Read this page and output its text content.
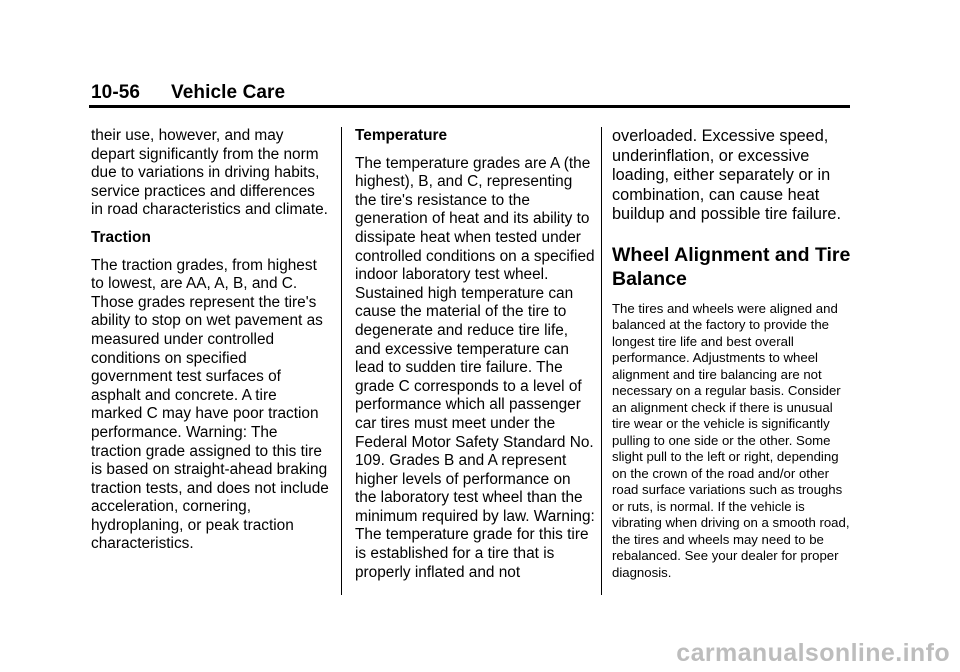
10-56 Vehicle Care

their use, however, and may depart significantly from the norm due to variations in driving habits, service practices and differences in road characteristics and climate.

Traction

The traction grades, from highest to lowest, are AA, A, B, and C. Those grades represent the tire's ability to stop on wet pavement as measured under controlled conditions on specified government test surfaces of asphalt and concrete. A tire marked C may have poor traction performance. Warning: The traction grade assigned to this tire is based on straight-ahead braking traction tests, and does not include acceleration, cornering, hydroplaning, or peak traction characteristics.

Temperature

The temperature grades are A (the highest), B, and C, representing the tire's resistance to the generation of heat and its ability to dissipate heat when tested under controlled conditions on a specified indoor laboratory test wheel. Sustained high temperature can cause the material of the tire to degenerate and reduce tire life, and excessive temperature can lead to sudden tire failure. The grade C corresponds to a level of performance which all passenger car tires must meet under the Federal Motor Safety Standard No. 109. Grades B and A represent higher levels of performance on the laboratory test wheel than the minimum required by law. Warning: The temperature grade for this tire is established for a tire that is properly inflated and not

overloaded. Excessive speed, underinflation, or excessive loading, either separately or in combination, can cause heat buildup and possible tire failure.

Wheel Alignment and Tire Balance

The tires and wheels were aligned and balanced at the factory to provide the longest tire life and best overall performance. Adjustments to wheel alignment and tire balancing are not necessary on a regular basis. Consider an alignment check if there is unusual tire wear or the vehicle is significantly pulling to one side or the other. Some slight pull to the left or right, depending on the crown of the road and/or other road surface variations such as troughs or ruts, is normal. If the vehicle is vibrating when driving on a smooth road, the tires and wheels may need to be rebalanced. See your dealer for proper diagnosis.

carmanualsonline.info
